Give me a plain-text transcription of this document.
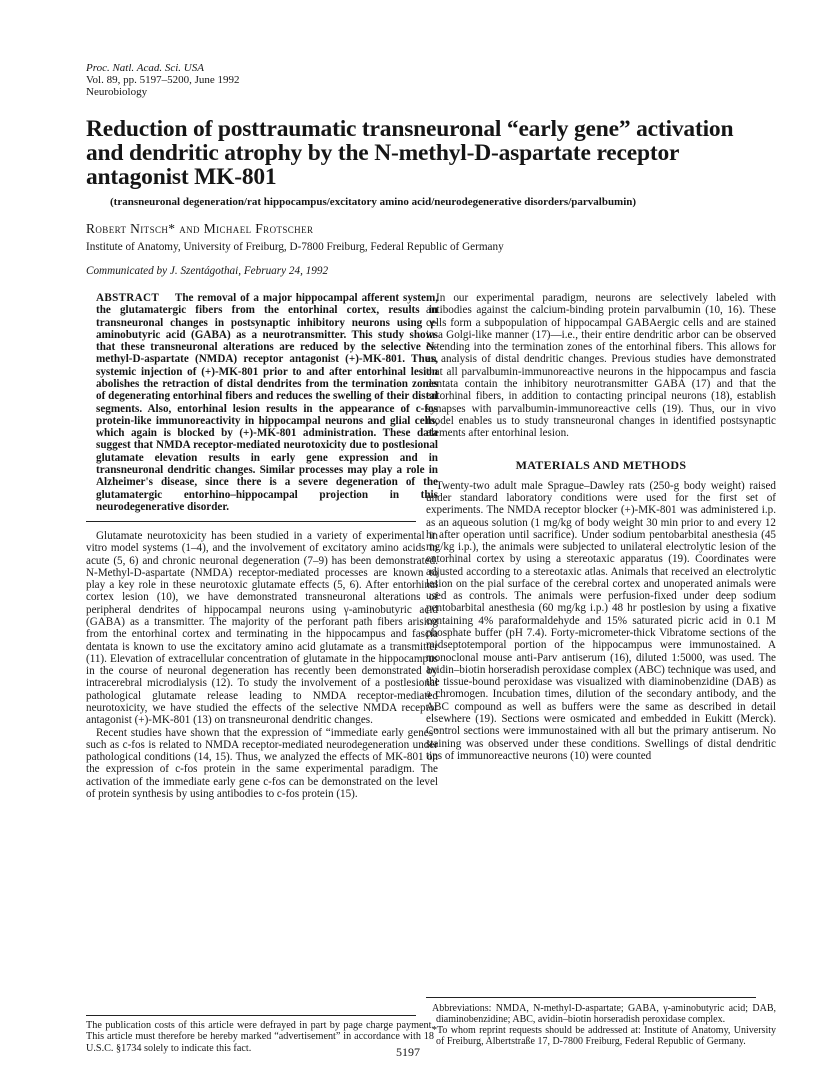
Proc. Natl. Acad. Sci. USA
Vol. 89, pp. 5197–5200, June 1992
Neurobiology
Reduction of posttraumatic transneuronal “early gene” activation and dendritic atrophy by the N-methyl-D-aspartate receptor antagonist MK-801
(transneuronal degeneration/rat hippocampus/excitatory amino acid/neurodegenerative disorders/parvalbumin)
Robert Nitsch* and Michael Frotscher
Institute of Anatomy, University of Freiburg, D-7800 Freiburg, Federal Republic of Germany
Communicated by J. Szentágothai, February 24, 1992

ABSTRACT The removal of a major hippocampal afferent system, the glutamatergic fibers from the entorhinal cortex, results in transneuronal changes in postsynaptic inhibitory neurons using γ-aminobutyric acid (GABA) as a neurotransmitter. This study shows that these transneuronal alterations are reduced by the selective N-methyl-D-aspartate (NMDA) receptor antagonist (+)-MK-801. Thus, systemic injection of (+)-MK-801 prior to and after entorhinal lesion abolishes the retraction of distal dendrites from the termination zones of degenerating entorhinal fibers and reduces the swelling of their distal segments. Also, entorhinal lesion results in the appearance of c-fos protein-like immunoreactivity in hippocampal neurons and glial cells, which again is blocked by (+)-MK-801 administration. These data suggest that NMDA receptor-mediated neurotoxicity due to postlesional glutamate elevation results in early gene expression and in transneuronal dendritic changes. Similar processes may play a role in Alzheimer's disease, since there is a severe degeneration of the glutamatergic entorhino–hippocampal projection in this neurodegenerative disorder.

Glutamate neurotoxicity has been studied in a variety of experimental in vitro model systems (1–4), and the involvement of excitatory amino acids in acute (5, 6) and chronic neuronal degeneration (7–9) has been demonstrated. N-Methyl-D-aspartate (NMDA) receptor-mediated processes are known to play a key role in these neurotoxic glutamate effects (5, 6). After entorhinal cortex lesion (10), we have demonstrated transneuronal alterations of peripheral dendrites of hippocampal neurons using γ-aminobutyric acid (GABA) as a transmitter. The majority of the perforant path fibers arising from the entorhinal cortex and terminating in the hippocampus and fascia dentata is known to use the excitatory amino acid glutamate as a transmitter (11). Elevation of extracellular concentration of glutamate in the hippocampus in the course of neuronal degeneration has recently been demonstrated by intracerebral microdialysis (12). To study the involvement of a postlesional pathological glutamate release leading to NMDA receptor-mediated neurotoxicity, we have studied the effects of the selective NMDA receptor antagonist (+)-MK-801 (13) on transneuronal dendritic changes.

Recent studies have shown that the expression of “immediate early genes” such as c-fos is related to NMDA receptor-mediated neurodegeneration under pathological conditions (14, 15). Thus, we analyzed the effects of MK-801 on the expression of c-fos protein in the same experimental paradigm. The activation of the immediate early gene c-fos can be demonstrated on the level of protein synthesis by using antibodies to c-fos protein (15).

In our experimental paradigm, neurons are selectively labeled with antibodies against the calcium-binding protein parvalbumin (10, 16). These cells form a subpopulation of hippocampal GABAergic cells and are stained in a Golgi-like manner (17)—i.e., their entire dendritic arbor can be observed extending into the termination zones of the entorhinal fibers. This allows for an analysis of distal dendritic changes. Previous studies have demonstrated that all parvalbumin-immunoreactive neurons in the hippocampus and fascia dentata contain the inhibitory neurotransmitter GABA (17) and that the entorhinal fibers, in addition to contacting principal neurons (18), establish synapses with parvalbumin-immunoreactive cells (19). Thus, our in vivo model enables us to study transneuronal changes in identified postsynaptic elements after entorhinal lesion.

MATERIALS AND METHODS

Twenty-two adult male Sprague–Dawley rats (250-g body weight) raised under standard laboratory conditions were used for the first set of experiments. The NMDA receptor blocker (+)-MK-801 was administered i.p. as an aqueous solution (1 mg/kg of body weight 30 min prior to and every 12 hr after operation until sacrifice). Under sodium pentobarbital anesthesia (45 mg/kg i.p.), the animals were subjected to unilateral electrolytic lesion of the entorhinal cortex by using a stereotaxic apparatus (19). Coordinates were adjusted according to a stereotaxic atlas. Animals that received an electrolytic lesion on the pial surface of the cerebral cortex and unoperated animals were used as controls. The animals were perfusion-fixed under deep sodium pentobarbital anesthesia (60 mg/kg i.p.) 48 hr postlesion by using a fixative containing 4% paraformaldehyde and 15% saturated picric acid in 0.1 M phosphate buffer (pH 7.4). Forty-micrometer-thick Vibratome sections of the midseptotemporal portion of the hippocampus were immunostained. A monoclonal mouse anti-Parv antiserum (16), diluted 1:5000, was used. The avidin–biotin horseradish peroxidase complex (ABC) technique was used, and the tissue-bound peroxidase was visualized with diaminobenzidine (DAB) as a chromogen. Incubation times, dilution of the secondary antibody, and the ABC compound as well as buffers were the same as described in detail elsewhere (19). Sections were osmicated and embedded in Eukitt (Merck). Control sections were immunostained with all but the primary antiserum. No staining was observed under these conditions. Swellings of distal dendritic tips of immunoreactive neurons (10) were counted

Abbreviations: NMDA, N-methyl-D-aspartate; GABA, γ-aminobutyric acid; DAB, diaminobenzidine; ABC, avidin–biotin horseradish peroxidase complex.
*To whom reprint requests should be addressed at: Institute of Anatomy, University of Freiburg, Albertstraße 17, D-7800 Freiburg, Federal Republic of Germany.
The publication costs of this article were defrayed in part by page charge payment. This article must therefore be hereby marked “advertisement” in accordance with 18 U.S.C. §1734 solely to indicate this fact.	5197
